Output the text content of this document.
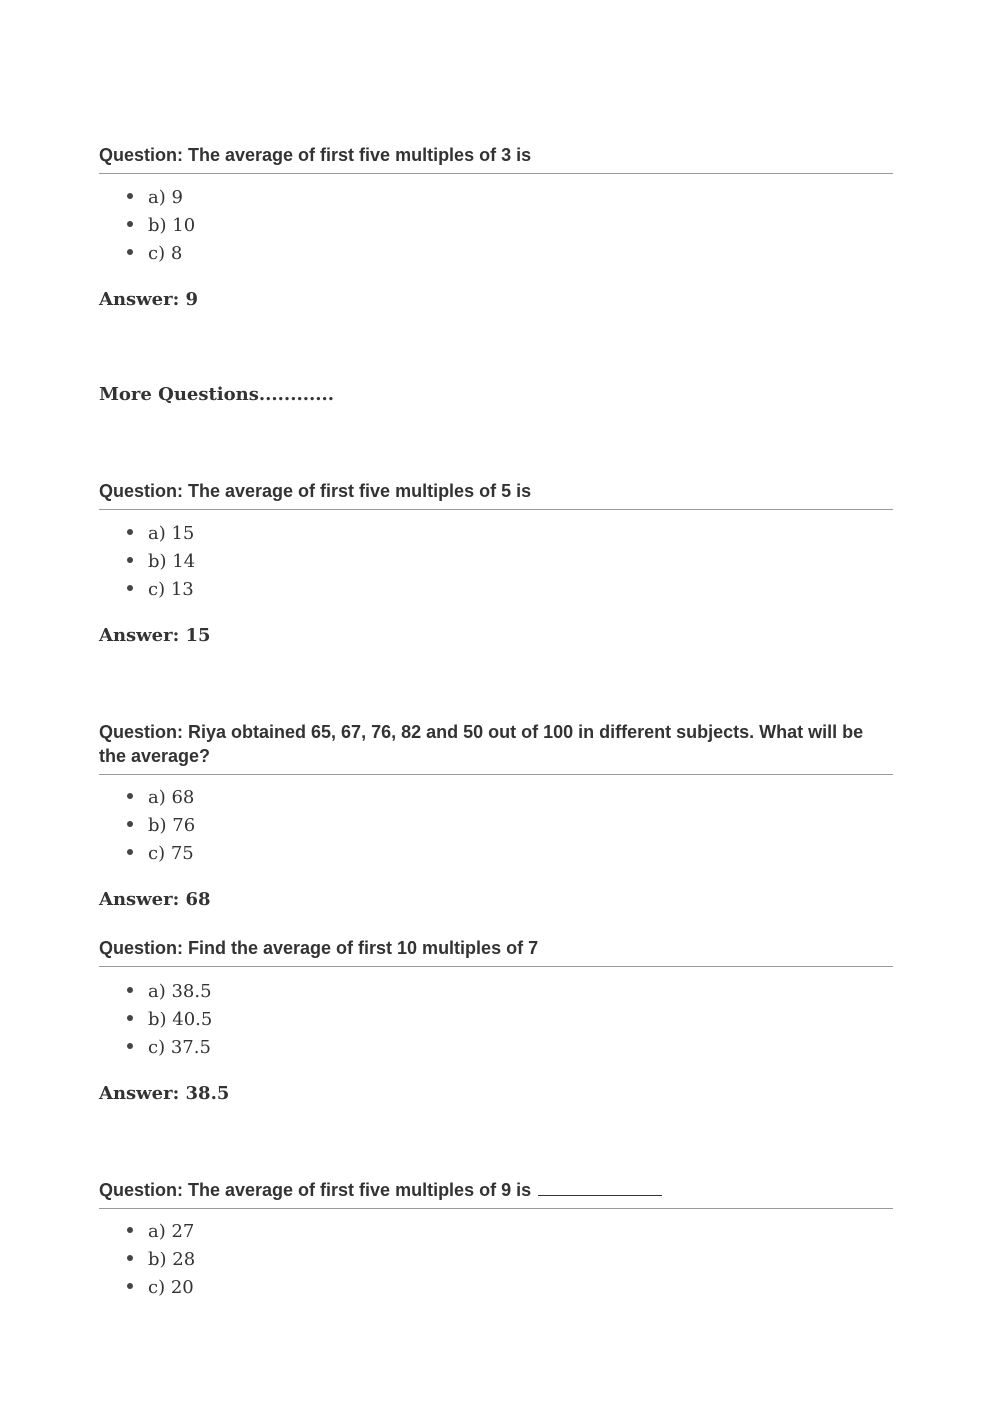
Question: The average of first five multiples of 3 is
a) 9
b) 10
c) 8
Answer: 9
More Questions............
Question: The average of first five multiples of 5 is
a) 15
b) 14
c) 13
Answer: 15
Question: Riya obtained 65, 67, 76, 82 and 50 out of 100 in different subjects. What will be the average?
a) 68
b) 76
c) 75
Answer: 68
Question: Find the average of first 10 multiples of 7
a) 38.5
b) 40.5
c) 37.5
Answer: 38.5
Question: The average of first five multiples of 9 is
a) 27
b) 28
c) 20
